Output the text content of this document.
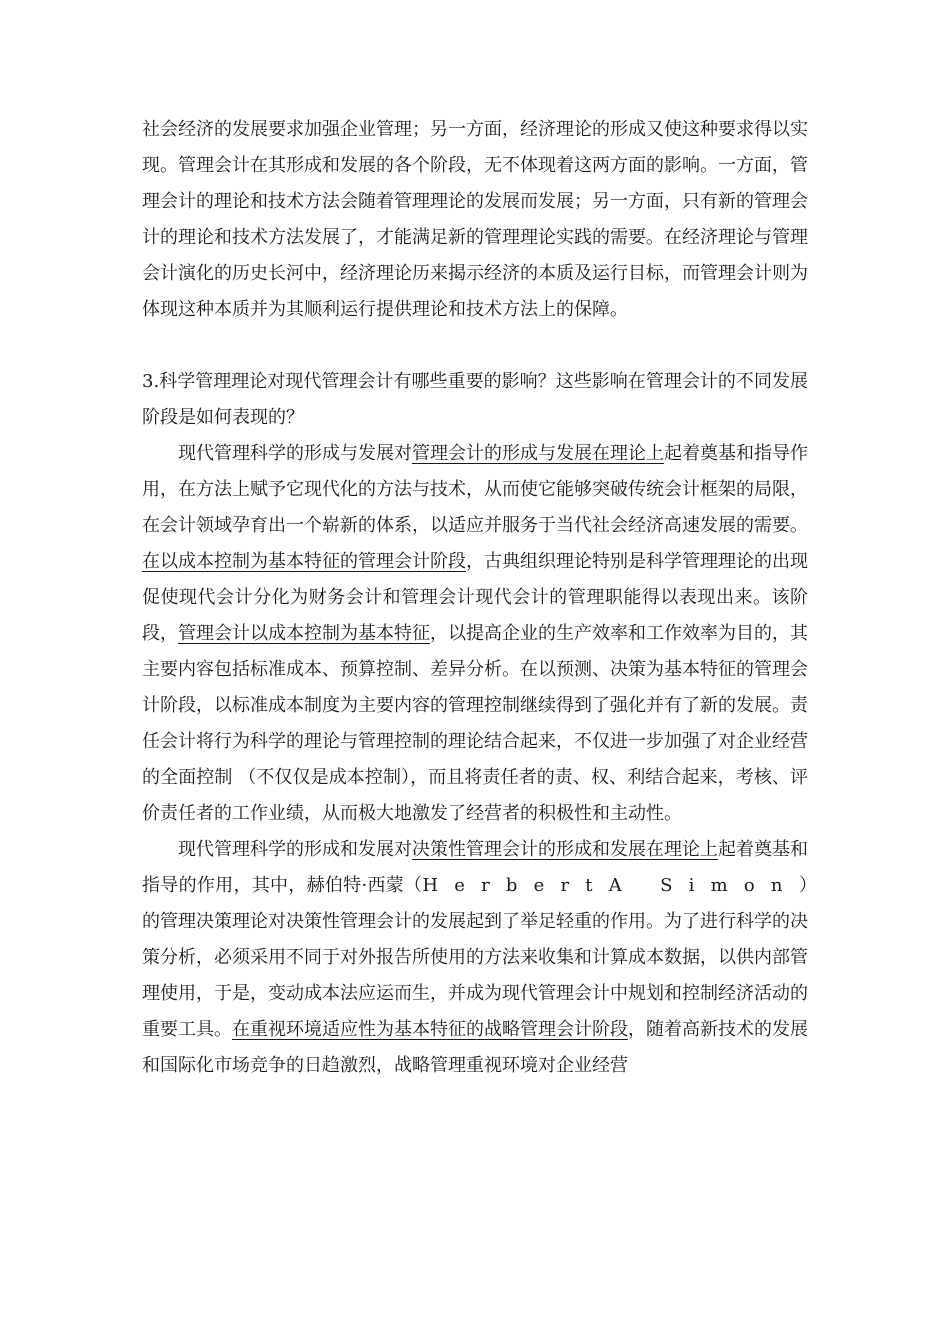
社会经济的发展要求加强企业管理；另一方面，经济理论的形成又使这种要求得以实现。管理会计在其形成和发展的各个阶段，无不体现着这两方面的影响。一方面，管理会计的理论和技术方法会随着管理理论的发展而发展；另一方面，只有新的管理会计的理论和技术方法发展了，才能满足新的管理理论实践的需要。在经济理论与管理会计演化的历史长河中，经济理论历来揭示经济的本质及运行目标，而管理会计则为体现这种本质并为其顺利运行提供理论和技术方法上的保障。

3.科学管理理论对现代管理会计有哪些重要的影响？这些影响在管理会计的不同发展阶段是如何表现的？

现代管理科学的形成与发展对管理会计的形成与发展在理论上起着奠基和指导作用，在方法上赋予它现代化的方法与技术，从而使它能够突破传统会计框架的局限，在会计领域孕育出一个崭新的体系，以适应并服务于当代社会经济高速发展的需要。在以成本控制为基本特征的管理会计阶段，古典组织理论特别是科学管理理论的出现促使现代会计分化为财务会计和管理会计现代会计的管理职能得以表现出来。该阶段，管理会计以成本控制为基本特征，以提高企业的生产效率和工作效率为目的，其主要内容包括标准成本、预算控制、差异分析。在以预测、决策为基本特征的管理会计阶段，以标准成本制度为主要内容的管理控制继续得到了强化并有了新的发展。责任会计将行为科学的理论与管理控制的理论结合起来，不仅进一步加强了对企业经营的全面控制 （不仅仅是成本控制），而且将责任者的责、权、利结合起来，考核、评价责任者的工作业绩，从而极大地激发了经营者的积极性和主动性。

现代管理科学的形成和发展对决策性管理会计的形成和发展在理论上起着奠基和指导的作用，其中，赫伯特·西蒙（HerbertA Simon）的管理决策理论对决策性管理会计的发展起到了举足轻重的作用。为了进行科学的决策分析，必须采用不同于对外报告所使用的方法来收集和计算成本数据，以供内部管理使用，于是，变动成本法应运而生，并成为现代管理会计中规划和控制经济活动的重要工具。在重视环境适应性为基本特征的战略管理会计阶段，随着高新技术的发展和国际化市场竞争的日趋激烈，战略管理重视环境对企业经营
